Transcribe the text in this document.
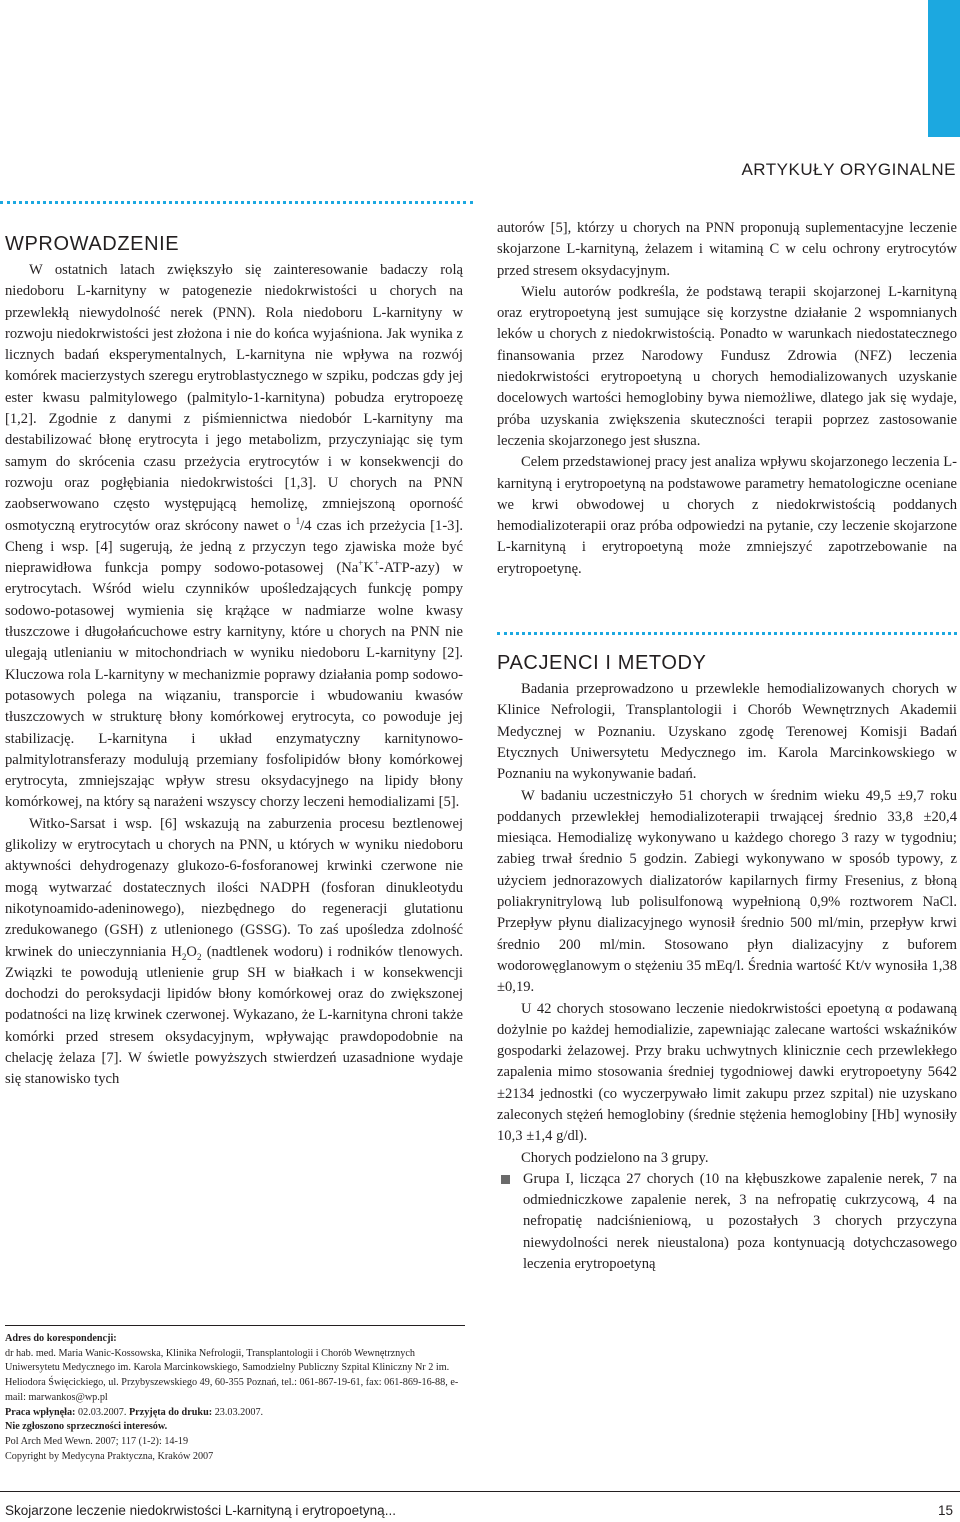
ARTYKUŁY ORYGINALNE
WPROWADZENIE

W ostatnich latach zwiększyło się zainteresowanie badaczy rolą niedoboru L-karnityny w patogenezie niedokrwistości u chorych na przewlekłą niewydolność nerek (PNN). Rola niedoboru L-karnityny w rozwoju niedokrwistości jest złożona i nie do końca wyjaśniona. Jak wynika z licznych badań eksperymentalnych, L-karnityna nie wpływa na rozwój komórek macierzystych szeregu erytroblastycznego w szpiku, podczas gdy jej ester kwasu palmitylowego (palmitylo-1-karnityna) pobudza erytropoezę [1,2]. Zgodnie z danymi z piśmiennictwa niedobór L-karnityny ma destabilizować błonę erytrocyta i jego metabolizm, przyczyniając się tym samym do skrócenia czasu przeżycia erytrocytów i w konsekwencji do rozwoju oraz pogłębiania niedokrwistości [1,3]. U chorych na PNN zaobserwowano często występującą hemolizę, zmniejszoną oporność osmotyczną erytrocytów oraz skrócony nawet o $^1$/4 czas ich przeżycia [1-3]. Cheng i wsp. [4] sugerują, że jedną z przyczyn tego zjawiska może być nieprawidłowa funkcja pompy sodowo-potasowej (Na+K+-ATP-azy) w erytrocytach. Wśród wielu czynników upośledzających funkcję pompy sodowo-potasowej wymienia się krążące w nadmiarze wolne kwasy tłuszczowe i długołańcuchowe estry karnityny, które u chorych na PNN nie ulegają utlenianiu w mitochondriach w wyniku niedoboru L-karnityny [2]. Kluczowa rola L-karnityny w mechanizmie poprawy działania pomp sodowo-potasowych polega na wiązaniu, transporcie i wbudowaniu kwasów tłuszczowych w strukturę błony komórkowej erytrocyta, co powoduje jej stabilizację. L-karnityna i układ enzymatyczny karnitynowo-palmitylotransferazy modulują przemiany fosfolipidów błony komórkowej erytrocyta, zmniejszając wpływ stresu oksydacyjnego na lipidy błony komórkowej, na który są narażeni wszyscy chorzy leczeni hemodializami [5].

Witko-Sarsat i wsp. [6] wskazują na zaburzenia procesu beztlenowej glikolizy w erytrocytach u chorych na PNN, u których w wyniku niedoboru aktywności dehydrogenazy glukozo-6-fosforanowej krwinki czerwone nie mogą wytwarzać dostatecznych ilości NADPH (fosforan dinukleotydu nikotynoamido-adeninowego), niezbędnego do regeneracji glutationu zredukowanego (GSH) z utlenionego (GSSG). To zaś upośledza zdolność krwinek do unieczynniania $H_2O_2$ (nadtlenek wodoru) i rodników tlenowych. Związki te powodują utlenienie grup SH w białkach i w konsekwencji dochodzi do peroksydacji lipidów błony komórkowej oraz do zwiększonej podatności na lizę krwinek czerwonej. Wykazano, że L-karnityna chroni także komórki przed stresem oksydacyjnym, wpływając prawdopodobnie na chelację żelaza [7]. W świetle powyższych stwierdzeń uzasadnione wydaje się stanowisko tych

autorów [5], którzy u chorych na PNN proponują suplementacyjne leczenie skojarzone L-karnityną, żelazem i witaminą C w celu ochrony erytrocytów przed stresem oksydacyjnym.

Wielu autorów podkreśla, że podstawą terapii skojarzonej L-karnityną oraz erytropoetyną jest sumujące się korzystne działanie 2 wspomnianych leków u chorych z niedokrwistością. Ponadto w warunkach niedostatecznego finansowania przez Narodowy Fundusz Zdrowia (NFZ) leczenia niedokrwistości erytropoetyną u chorych hemodializowanych uzyskanie docelowych wartości hemoglobiny bywa niemożliwe, dlatego jak się wydaje, próba uzyskania zwiększenia skuteczności terapii poprzez zastosowanie leczenia skojarzonego jest słuszna.

Celem przedstawionej pracy jest analiza wpływu skojarzonego leczenia L-karnityną i erytropoetyną na podstawowe parametry hematologiczne oceniane we krwi obwodowej u chorych z niedokrwistością poddanych hemodializoterapii oraz próba odpowiedzi na pytanie, czy leczenie skojarzone L-karnityną i erytropoetyną może zmniejszyć zapotrzebowanie na erytropoetynę.

PACJENCI I METODY

Badania przeprowadzono u przewlekle hemodializowanych chorych w Klinice Nefrologii, Transplantologii i Chorób Wewnętrznych Akademii Medycznej w Poznaniu. Uzyskano zgodę Terenowej Komisji Badań Etycznych Uniwersytetu Medycznego im. Karola Marcinkowskiego w Poznaniu na wykonywanie badań.

W badaniu uczestniczyło 51 chorych w średnim wieku 49,5 ±9,7 roku poddanych przewlekłej hemodializoterapii trwającej średnio 33,8 ±20,4 miesiąca. Hemodializę wykonywano u każdego chorego 3 razy w tygodniu; zabieg trwał średnio 5 godzin. Zabiegi wykonywano w sposób typowy, z użyciem jednorazowych dializatorów kapilarnych firmy Fresenius, z błoną poliakrynitrylową lub polisulfonową wypełnioną 0,9% roztworem NaCl. Przepływ płynu dializacyjnego wynosił średnio 500 ml/min, przepływ krwi średnio 200 ml/min. Stosowano płyn dializacyjny z buforem wodorowęglanowym o stężeniu 35 mEq/l. Średnia wartość Kt/v wynosiła 1,38 ±0,19.

U 42 chorych stosowano leczenie niedokrwistości epoetyną α podawaną dożylnie po każdej hemodializie, zapewniając zalecane wartości wskaźników gospodarki żelazowej. Przy braku uchwytnych klinicznie cech przewlekłego zapalenia mimo stosowania średniej tygodniowej dawki erytropoetyny 5642 ±2134 jednostki (co wyczerpywało limit zakupu przez szpital) nie uzyskano zaleconych stężeń hemoglobiny (średnie stężenia hemoglobiny [Hb] wynosiły 10,3 ±1,4 g/dl).

Chorych podzielono na 3 grupy.

Grupa I, licząca 27 chorych (10 na kłębuszkowe zapalenie nerek, 7 na odmiedniczkowe zapalenie nerek, 3 na nefropatię cukrzycową, 4 na nefropatię nadciśnieniową, u pozostałych 3 chorych przyczyna niewydolności nerek nieustalona) poza kontynuacją dotychczasowego leczenia erytropoetyną

Adres do korespondencji:
dr hab. med. Maria Wanic-Kossowska, Klinika Nefrologii, Transplantologii i Chorób Wewnętrznych Uniwersytetu Medycznego im. Karola Marcinkowskiego, Samodzielny Publiczny Szpital Kliniczny Nr 2 im. Heliodora Święcickiego, ul. Przybyszewskiego 49, 60-355 Poznań, tel.: 061-867-19-61, fax: 061-869-16-88, e-mail: marwankos@wp.pl
Praca wpłynęła: 02.03.2007. Przyjęta do druku: 23.03.2007.
Nie zgłoszono sprzeczności interesów.
Pol Arch Med Wewn. 2007; 117 (1-2): 14-19
Copyright by Medycyna Praktyczna, Kraków 2007
Skojarzone leczenie niedokrwistości L-karnityną i erytropoetyną...	15
